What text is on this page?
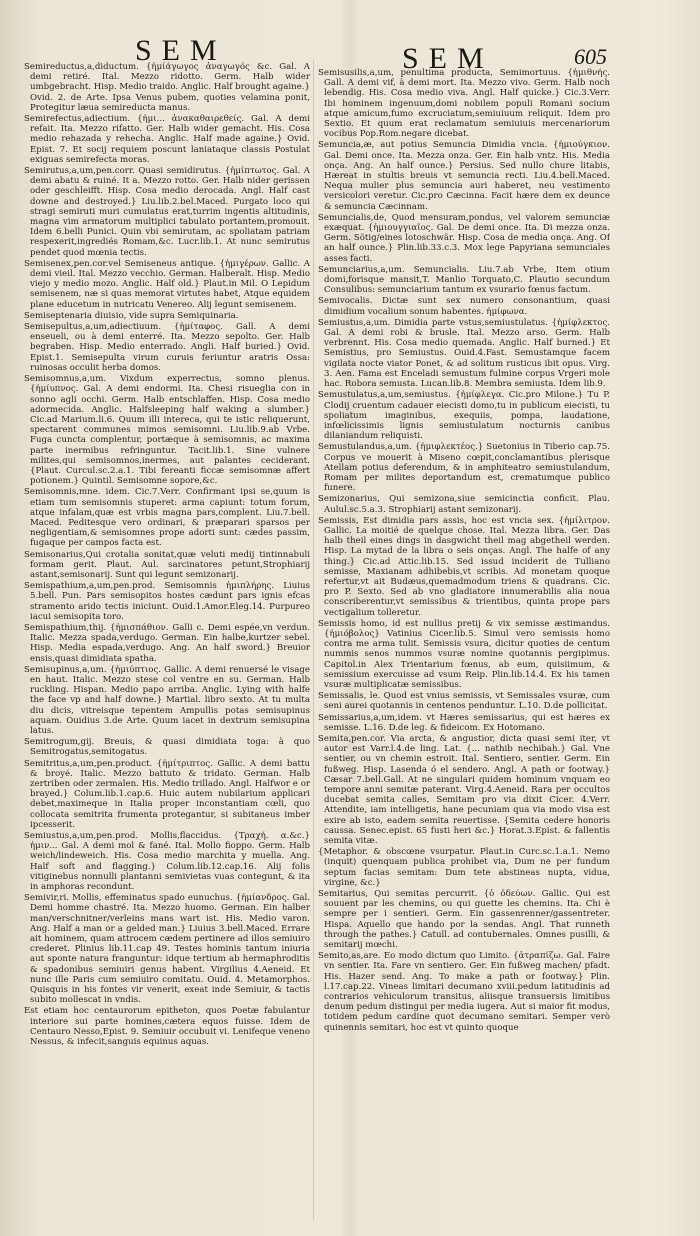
SEM	SEM	605

Semireductus,a,diductum. {ἡμίάγωγος ἀναγωγός &c. Gal. A demi retiré. Ital. Mezzo ridotto. Germ. Halb wider umbgebracht. Hisp. Medio traido. Anglic. Half brought againe.} Ovid. 2. de Arte. Ipsa Venus pubem, quoties velamina ponit, Protegitur læua semireducta manus.

Semirefectus,adiectium. {ἡμι... ἀνακαθαιρεθείς. Gal. A demi refait. Ita. Mezzo rifatto. Ger. Halb wider gemacht. His. Cosa medio rehazada y rehecha. Anglic. Half made againe.} Ovid. Epist. 7. Et socij requiem poscunt laniataque classis Postulat exiguas semirefecta moras.

Semirutus,a,um,pen.corr. Quasi semidirutus. {ἡμίπτωτος. Gal. A demi abatu & ruiné. It a. Mezzo rotto. Ger. Halb nider gerissen oder geschleifft. Hisp. Cosa medio derocada. Angl. Half cast downe and destroyed.} Liu.lib.2.bel.Maced. Purgato loco qui stragi semiruti muri cumulatus erat,turrim ingentis altitudinis, magna vim armatorum multiplici tabulato portantem,promouit. Idem 6.belli Punici. Quin vbi semirutam, ac spoliatam patriam respexerit,ingrediés Romam,&c. Lucr.lib.1. At nunc semirutus pendet quod mœnia tectis.

Semisenex,pen.cor.vel Semiseneus antique. {ἡμιγέρων. Gallic. A demi vieil. Ital. Mezzo vecchio. German. Halberalt. Hisp. Medio viejo y medio mozo. Anglic. Half old.} Plaut.in Mil. O Lepidum semisenem, næ si quas memorat virtutes habet, Atque equidem plane educetum in nutricatu Venereo. Alij legunt semisenem.

Semiseptenaria diuisio, vide supra Semiquinaria.

Semisepultus,a,um,adiectiuum. {ἡμίταφος. Gall. A demi enseueli, ou à demi enterré. Ita. Mezzo sepolto. Ger. Halb begraben. Hisp. Medio enterrado. Angli. Half buried.} Ovid. Epist.1. Semisepulta virum curuis feriuntur aratris Ossa: ruinosas occulit herba domos.

Semisomnus,a,um. Vixdum experrectus, somno plenus. {ἡμίυπνος. Gal. A demi endormi. Ita. Chesi risueglia con in sonno agli occhi. Germ. Halb entschlaffen. Hisp. Cosa medio adormecida. Anglic. Halfsleeping half waking a slumber.} Cic.ad Marium.li.6. Quum illi intereca, qui te istic reliquerunt, spectarent communes mimos semisomni. Liu.lib.9.ab Vrbe. Fuga cuncta complentur, portæque à semisomnis, ac maxima parte inermibus refringuntur. Tacit.lib.1. Sine vulnere milites,qui semisomnos,inermes, aut palantes ceciderant. {Plaut. Curcul.sc.2.a.1. Tibi fereanti ficcæ semisomnæ affert potionem.} Quintil. Semisomne sopore,&c.

Semisomnis,mne. idem. Cic.7.Verr. Confirmant ipsi se,quum is etiam tum semisomnis stuperet: arma capiunt: totum forum, atque infalam,quæ est vrbis magna pars,complent. Liu.7.bell. Maced. Peditesque vero ordinari, & præparari sparsos per negligentiam,& semisomnes prope adorti sunt: cædes passim, fugaque per campos facta est.

Semisonarius,Qui crotalia sonitat,quæ veluti medij tintinnabuli formam gerit. Plaut. Aul. sarcinatores petunt,Strophiarij astant,semisonarij. Sunt qui legunt semizonarij.

Semispathium,a,um,pen.prod. Semisomnis ἡμιπλήρης. Liuius 5.bell. Pun. Pars semisopitos hostes cædunt pars ignis efcas stramento arido tectis iniciunt. Ouid.1.Amor.Eleg.14. Purpureo iacui semisopita toro.

Semispathium,thij. {ἡμισπάθιον. Galli c. Demi espée,vn verdun. Italic. Mezza spada,verdugo. German. Ein halbe,kurtzer sebel. Hisp. Media espada,verdugo. Ang. An half sword.} Breuior ensis,quasi dimidiata spatha.

Semisupinus,a,um. {ἡμιύπτιος. Gallic. A demi renuersé le visage en haut. Italic. Mezzo stese col ventre en su. German. Halb ruckling. Hispan. Medio papo arriba. Anglic. Lying with halfe the face vp and half downe.} Martial. libro sexto. At tu multa diu dicis, vitreisque tepentem Ampullis potas semisupinus aquam. Ouidius 3.de Arte. Quum iacet in dextrum semisupina latus.

Semitrogum,gij. Breuis, & quasi dimidiata toga: à quo Semitrogatus,semitogatus.

Semitritus,a,um,pen.product. {ἡμίτριπτος. Gallic. A demi battu & broyé. Italic. Mezzo battuto & tridato. German. Halb zertriben oder zermalen. His. Medio trillado. Angl. Halfwor e or brayed.} Colum.lib.1.cap.6. Huic autem nubilarium applicari debet,maximeque in Italia proper inconstantiam cœli, quo collocata semitrita frumenta protegantur, si subitaneus imber ipcesserit.

Semiustus,a,um,pen.prod. Mollis,flaccidus. {Τραχή. α.&c.} ἡμιν... Gal. A demi mol & fané. Ital. Mollo fioppo. Germ. Halb weich/lindeweich. His. Cosa medio marchita y muella. Ang. Half soft and flagging.} Colum.lib.12.cap.16. Alij folis vitiginebus nonnulli plantanni semivietas vuas contegunt, & ita in amphoras recondunt.

Semivir,ri. Mollis, effeminatus spado eunuchus. {ἡμίανδρος. Gal. Demi homme chastré. Ita. Mezzo huomo. German. Ein halber man/verschnitner/verleins mans wart ist. His. Medio varon. Ang. Half a man or a gelded man.} Liuius 3.bell.Maced. Errare ait hominem, quam attrocem cædem pertinere ad illos semiuiro crederet. Plinius lib.11.cap 49. Testes hominis tantum iniuria aut sponte natura franguntur: idque tertium ab hermaphroditis & spadonibus semiuiri genus habent. Virgilius 4.Aeneid. Et nunc ille Paris cum semiuiro comitatu. Ouid. 4. Metamorphos. Quisquis in his fontes vir venerit, exeat inde Semiuir, & tactis subito mollescat in vndis.

Est etiam hoc centaurorum epitheton, quos Poetæ fabulantur interiore sui parte homines,cætera equos fuisse. Idem de Centauro Nesso,Epist. 9. Semiuir occubuit vi. Lenifeque veneno Nessus, & infecit,sanguis equinus aquas.

Semisusilis,a,um, penultima producta, Semimortuus. {ἡμιθνής. Gall. A demi vif, à demi mort. Ita. Mezzo vivo. Germ. Halb noch lebendig. His. Cosa medio viva. Angl. Half quicke.} Cic.3.Verr. Ibi hominem ingenuum,domi nobilem populi Romani socium atque amicum,fumo excruciatum,semiuiuum reliquit. Idem pro Sextio. Et quum erat reclamatum semiuiuis mercenariorum vocibus Pop.Rom.negare dicebat.

Semuncia,æ, aut potius Semuncia Dimidia vncia. {ἡμιούγκιον. Gal. Demi once. Ita. Mezza onza. Ger. Ein halb vntz. His. Media onça. Ang. An half ounce.} Persius. Sed nullo chure litabis, Hæreat in stultis breuis vt semuncia recti. Liu.4.bell.Maced. Nequa mulier plus semuncia auri haberet, neu vestimento versicolori veretur. Cic.pro Cæcinna. Facit hære dem ex deunce & semuncia Cæcinnam.

Semuncialis,de, Quod mensuram,pondus, vel valorem semunciæ exæquat. {ἡμιουγγιαῖος. Gal. De demi once. Ita. Di mezza onza. Germ. Sötig/eines lotoschwär. Hisp. Cosa de media onça. Ang. Of an half ounce.} Plin.lib.33.c.3. Mox lege Papyriana semunciales asses facti.

Semunciarius,a,um. Semuncialis. Liu.7.ab Vrbe, Item otium domi,forisque mansit,T. Manlio Torquato,C. Plautio secundum Consulibus: semunciarium tantum ex vsurario fœnus factum.

Semivocalis. Dictæ sunt sex numero consonantium, quasi dimidium vocalium sonum habentes. ἡμίφωνα.

Semiustus,a,um. Dimidia parte vstus,semiustulatus. {ἡμίφλεκτος. Gal. A demi robi & brusle. Ital. Mezzo arso. Germ. Halb verbrennt. His. Cosa medio quemada. Anglic. Half burned.} Et Semistius, pro Semiustus. Ouid.4.Fast. Semustamque facem vigilata nocte viator Ponet, & ad solitum rusticus ibit opus. Virg. 3. Aen. Fama est Enceladi semustum fulmine corpus Vrgeri mole hac. Robora semusta. Lucan.lib.8. Membra semiusta. Idem lib.9.

Semustulatus,a,um,semiustus. {ἡμίφλεγα. Cic.pro Milone.} Tu P. Clodij cruentum cadauer eiecisti domo,tu in publicum eiecisti, tu spoliatum imaginibus, exequiis, pompa, laudatione, infœlicissimis lignis semiustulatum nocturnis canibus dilaniandum reliquisti.

Semustulandus,a,um. {ἡμιφλεκτέος.} Suetonius in Tiberio cap.75. Corpus ve mouerit à Miseno cœpit,conclamantibus plerisque Atellam potius deferendum, & in amphiteatro semiustulandum, Romam per milites deportandum est, crematumque publico funere.

Semizonarius, Qui semizona,siue semicinctia conficit. Plau. Aulul.sc.5.a.3. Strophiarij astant semizonarij.

Semissis, Est dimidia pars assis, hoc est vncia sex. {ἡμίλιτρον. Gallic. La moitié de quelque chose. Ital. Mezza libra. Ger. Das halb theil eines dings in dasgwicht theil mag abgetheil werden. Hisp. La mytad de la libra o seis onças. Angl. The halfe of any thing.} Cic.ad Attic.lib.15. Sed issud inciderit de Tulliano semisse, Maxianam adhibebis,vt scribis. Ad monetam quoque refertur,vt ait Budæus,quemadmodum triens & quadrans. Cic. pro P. Sexto. Sed ab vno gladiatore innumerabilis alia noua conscriberentur,vt semissibus & trientibus, quinta prope pars vectigalium tolleretur.

Semissis homo, id est nullius pretij & vix semisse æstimandus. {ἡμιόβολος} Vatinius Cicer.lib.5. Simul vero semissis homo contra me arma tulit. Semissis vsura, dicitur quoties de centum nummis senos nummos vsuræ nomine quotannis pergipimus. Capitol.in Alex Trientarium fœnus, ab eum, quisiimum, & semissium exercuisse ad vsum Reip. Plin.lib.14.4. Ex his tamen vsuræ multiplicatæ semissibus.

Semissalis, le. Quod est vnius semissis, vt Semissales vsuræ, cum seni aurei quotannis in centenos penduntur. L.10. D.de pollicitat.

Semissarius,a,um,idem. vt Hæres semissarius, qui est hæres ex semisse. L.16. D.de leg. & fideicom. Ex Hotomano.

Semita,pen.cor. Via arcta, & angustior, dicta quasi semi iter, vt autor est Varr.l.4.de ling. Lat. {... nathib nechibah.} Gal. Vne sentier, ou vn chemin estroit. Ital. Sentiero, sentier. Germ. Ein fußweg. Hisp. Lasenda ó el sendero. Angl. A path or footway.} Cæsar 7.bell.Gall. At ne singulari quidem hominum vnquam eo tempore anni semitæ paterant. Virg.4.Aeneid. Rara per occultos ducebat semita calles, Semitam pro via dixit Cicer. 4.Verr. Attendite, iam intelligetis, hane pecuniam qua via modo visa est exire ab isto, eadem semita reuertisse. {Semita cedere honoris caussa. Senec.epist. 65 fusti heri &c.} Horat.3.Epist. & fallentis semita vitæ.

{Metaphor. & obscœne vsurpatur. Plaut.in Curc.sc.1.a.1. Nemo (inquit) quenquam publica prohibet via, Dum ne per fundum septum facias semitam: Dum tete abstineas nupta, vidua, virgine, &c.}

Semitarius, Qui semitas percurrit. {ὁ ὁδεύων. Gallic. Qui est souuent par les chemins, ou qui guette les chemins. Ita. Chi è sempre per i sentieri. Germ. Ein gassenrenner/gassentreter. Hispa. Aquello que hando por la sendas. Angl. That runneth through the pathes.} Catull. ad contubernales. Omnes pusilli, & semitarij mœchi.

Semito,as,are. Eo modo dictum quo Limito. {ἀτραπίζω. Gal. Faire vn sentier. Ita. Fare vn sentiero. Ger. Ein fußweg machen/ pfadt. His. Hazer send. Ang. To make a path or footway.} Plin. l.17.cap.22. Vineas limitari decumano xviii.pedum latitudinis ad contrarios vehiculorum transitus, aliisque transuersis limitibus denum pedum distingui per media iugera. Aut si maior fit modus, totidem pedum cardine quot decumano semitari. Semper verò quinennis semitari, hoc est vt quinto quoque
